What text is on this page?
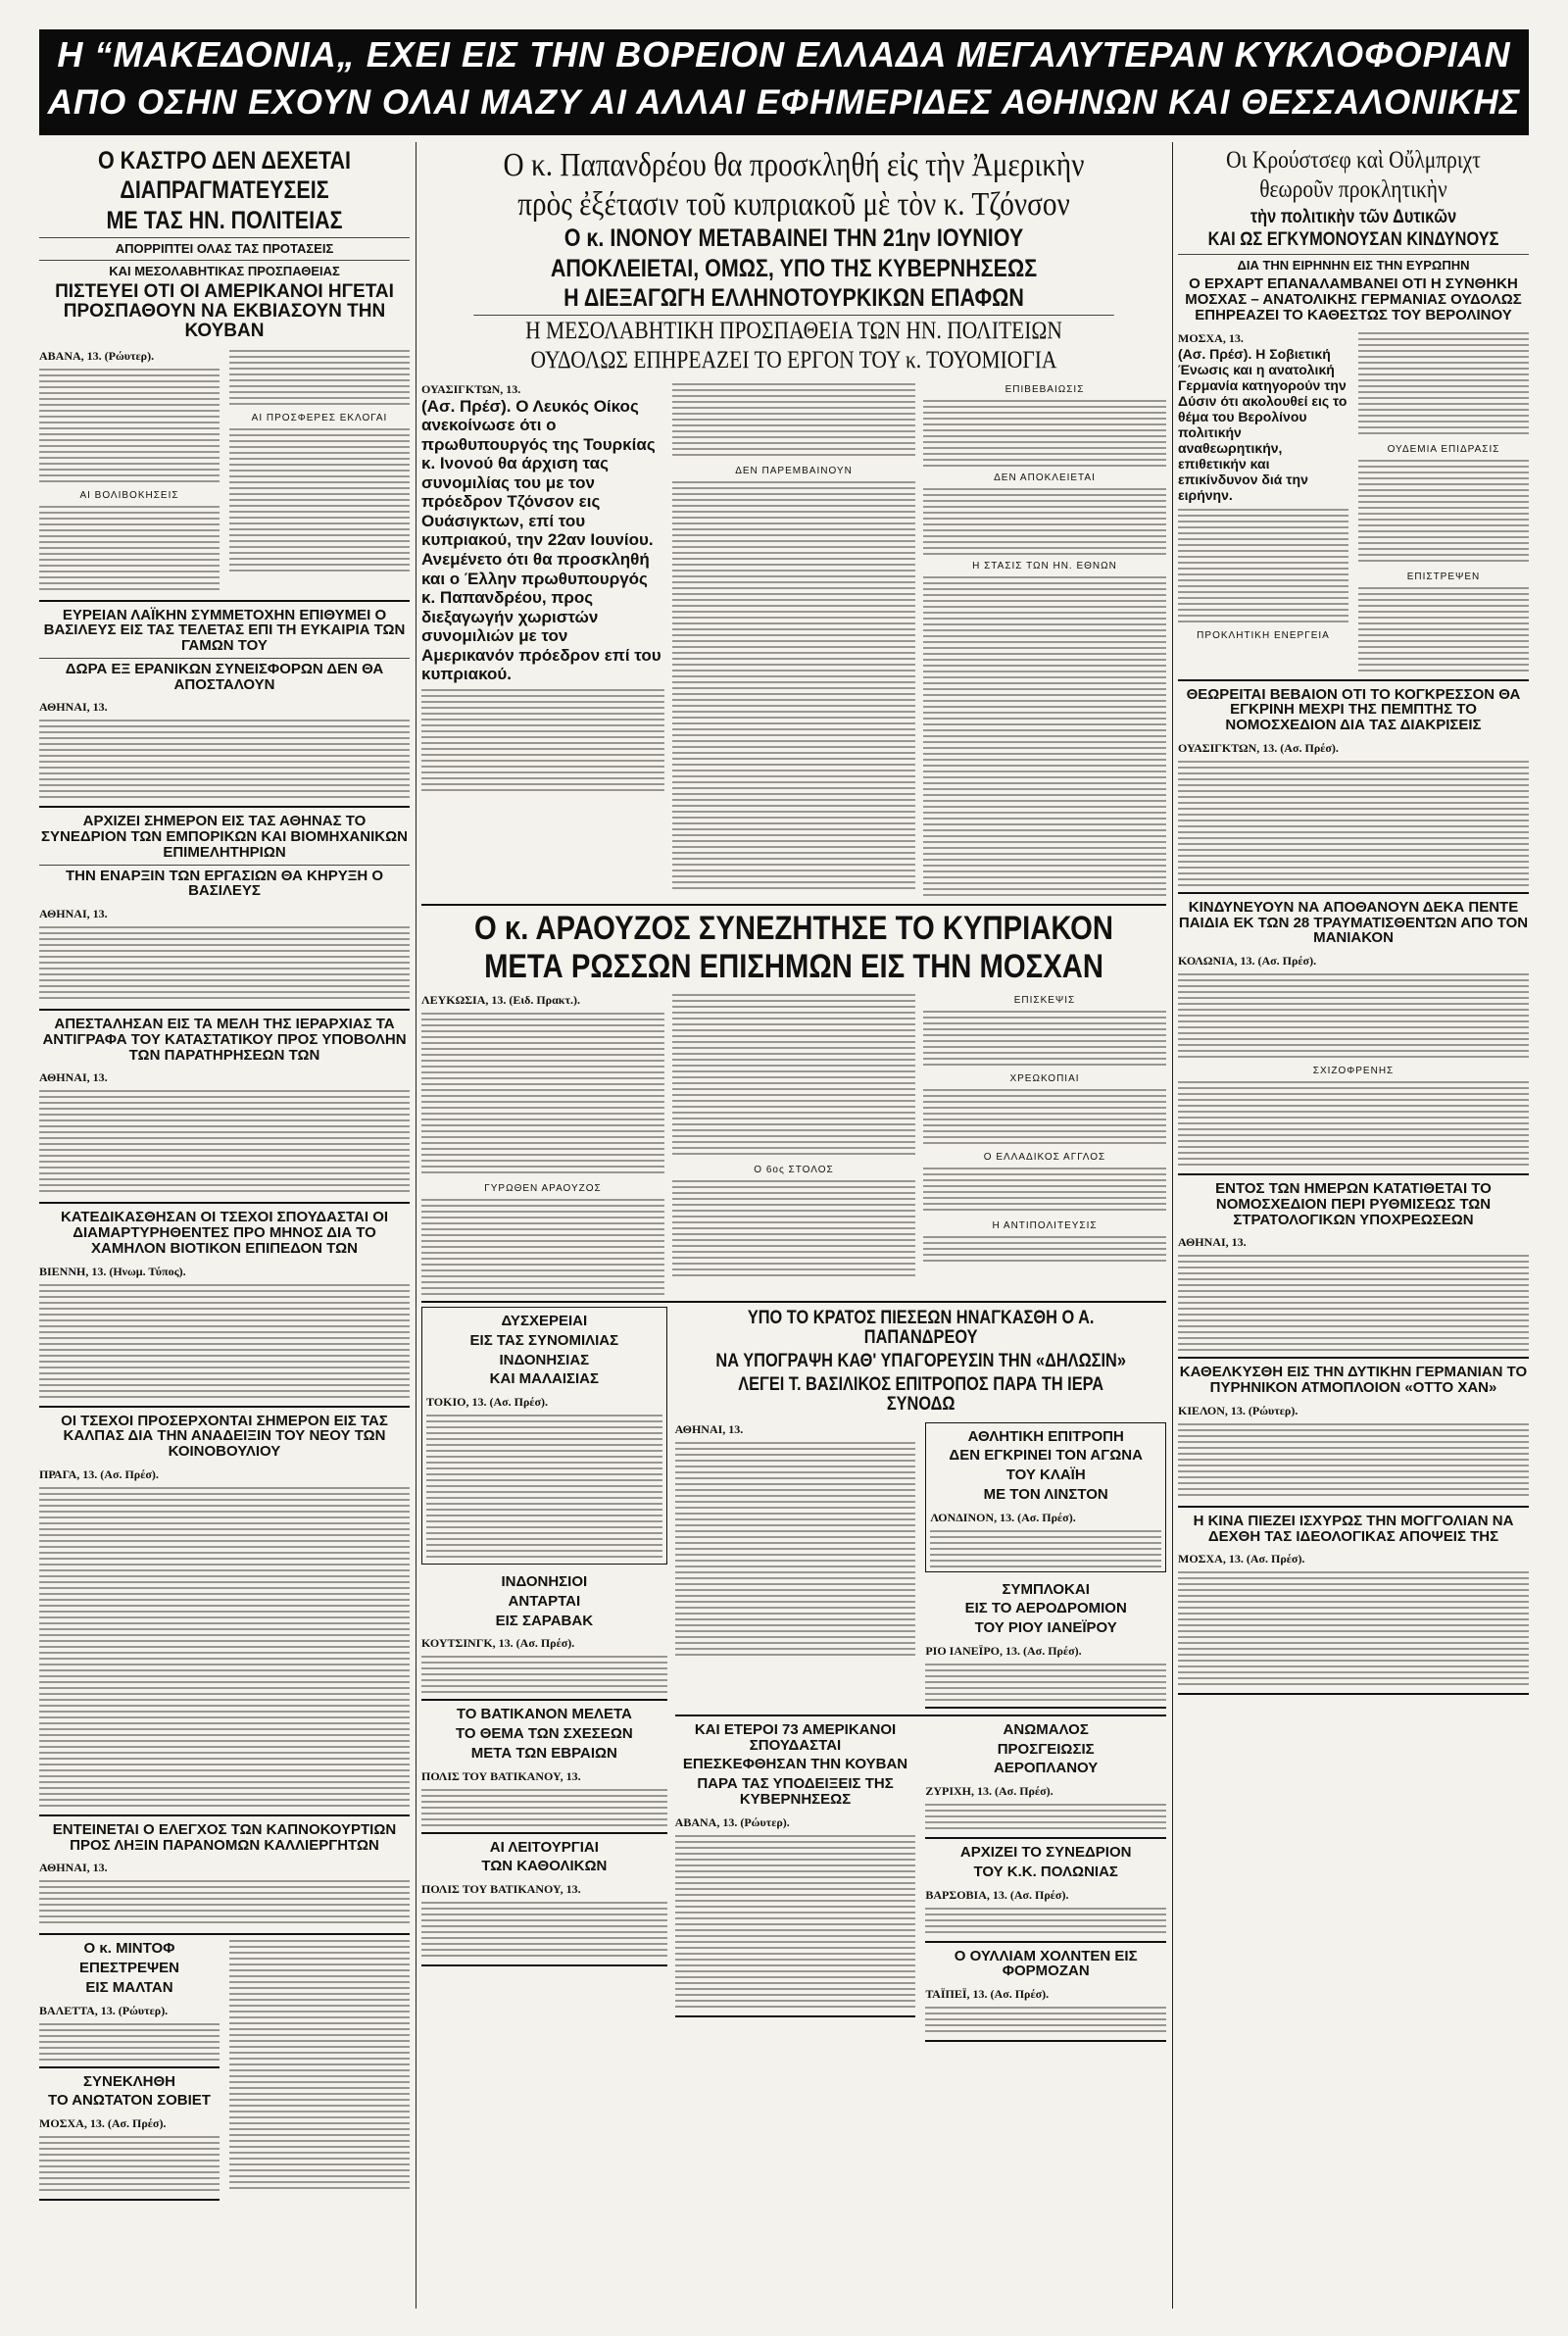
Η “ΜΑΚΕΔΟΝΙΑ„ ΕΧΕΙ ΕΙΣ ΤΗΝ ΒΟΡΕΙΟΝ ΕΛΛΑΔΑ ΜΕΓΑΛΥΤΕΡΑΝ ΚΥΚΛΟΦΟΡΙΑΝ
ΑΠΟ ΟΣΗΝ ΕΧΟΥΝ ΟΛΑΙ ΜΑΖΥ ΑΙ ΑΛΛΑΙ ΕΦΗΜΕΡΙΔΕΣ ΑΘΗΝΩΝ ΚΑΙ ΘΕΣΣΑΛΟΝΙΚΗΣ
Ο ΚΑΣΤΡΟ ΔΕΝ ΔΕΧΕΤΑΙ
ΔΙΑΠΡΑΓΜΑΤΕΥΣΕΙΣ
ΜΕ ΤΑΣ ΗΝ. ΠΟΛΙΤΕΙΑΣ
ΑΠΟΡΡΙΠΤΕΙ ΟΛΑΣ ΤΑΣ ΠΡΟΤΑΣΕΙΣ
ΚΑΙ ΜΕΣΟΛΑΒΗΤΙΚΑΣ ΠΡΟΣΠΑΘΕΙΑΣ
ΠΙΣΤΕΥΕΙ ΟΤΙ ΟΙ ΑΜΕΡΙΚΑΝΟΙ ΗΓΕΤΑΙ ΠΡΟΣΠΑΘΟΥΝ ΝΑ ΕΚΒΙΑΣΟΥΝ ΤΗΝ ΚΟΥΒΑΝ
ΑΒΑΝΑ, 13. (Ρώυτερ).
ΑΙ ΒΟΛΙΒΟΚΗΣΕΙΣ
ΑΙ ΠΡΟΣΦΕΡΕΣ ΕΚΛΟΓΑΙ
ΕΥΡΕΙΑΝ ΛΑΪΚΗΝ ΣΥΜΜΕΤΟΧΗΝ ΕΠΙΘΥΜΕΙ Ο ΒΑΣΙΛΕΥΣ ΕΙΣ ΤΑΣ ΤΕΛΕΤΑΣ ΕΠΙ ΤΗ ΕΥΚΑΙΡΙΑ ΤΩΝ ΓΑΜΩΝ ΤΟΥ
ΔΩΡΑ ΕΞ ΕΡΑΝΙΚΩΝ ΣΥΝΕΙΣΦΟΡΩΝ ΔΕΝ ΘΑ ΑΠΟΣΤΑΛΟΥΝ
ΑΘΗΝΑΙ, 13.
ΑΡΧΙΖΕΙ ΣΗΜΕΡΟΝ ΕΙΣ ΤΑΣ ΑΘΗΝΑΣ ΤΟ ΣΥΝΕΔΡΙΟΝ ΤΩΝ ΕΜΠΟΡΙΚΩΝ ΚΑΙ ΒΙΟΜΗΧΑΝΙΚΩΝ ΕΠΙΜΕΛΗΤΗΡΙΩΝ
ΤΗΝ ΕΝΑΡΞΙΝ ΤΩΝ ΕΡΓΑΣΙΩΝ ΘΑ ΚΗΡΥΞΗ Ο ΒΑΣΙΛΕΥΣ
ΑΘΗΝΑΙ, 13.
ΑΠΕΣΤΑΛΗΣΑΝ ΕΙΣ ΤΑ ΜΕΛΗ ΤΗΣ ΙΕΡΑΡΧΙΑΣ ΤΑ ΑΝΤΙΓΡΑΦΑ ΤΟΥ ΚΑΤΑΣΤΑΤΙΚΟΥ ΠΡΟΣ ΥΠΟΒΟΛΗΝ ΤΩΝ ΠΑΡΑΤΗΡΗΣΕΩΝ ΤΩΝ
ΑΘΗΝΑΙ, 13.
ΚΑΤΕΔΙΚΑΣΘΗΣΑΝ ΟΙ ΤΣΕΧΟΙ ΣΠΟΥΔΑΣΤΑΙ ΟΙ ΔΙΑΜΑΡΤΥΡΗΘΕΝΤΕΣ ΠΡΟ ΜΗΝΟΣ ΔΙΑ ΤΟ ΧΑΜΗΛΟΝ ΒΙΟΤΙΚΟΝ ΕΠΙΠΕΔΟΝ ΤΩΝ
ΒΙΕΝΝΗ, 13. (Ηνωμ. Τύπος).
ΟΙ ΤΣΕΧΟΙ ΠΡΟΣΕΡΧΟΝΤΑΙ ΣΗΜΕΡΟΝ ΕΙΣ ΤΑΣ ΚΑΛΠΑΣ ΔΙΑ ΤΗΝ ΑΝΑΔΕΙΞΙΝ ΤΟΥ ΝΕΟΥ ΤΩΝ ΚΟΙΝΟΒΟΥΛΙΟΥ
ΠΡΑΓΑ, 13. (Ασ. Πρέσ).
ΕΝΤΕΙΝΕΤΑΙ Ο ΕΛΕΓΧΟΣ ΤΩΝ ΚΑΠΝΟΚΟΥΡΤΙΩΝ ΠΡΟΣ ΛΗΞΙΝ ΠΑΡΑΝΟΜΩΝ ΚΑΛΛΙΕΡΓΗΤΩΝ
ΑΘΗΝΑΙ, 13.
Ο κ. ΜΙΝΤΟΦ
ΕΠΕΣΤΡΕΨΕΝ
ΕΙΣ ΜΑΛΤΑΝ
ΒΑΛΕΤΤΑ, 13. (Ρώυτερ).
ΣΥΝΕΚΛΗΘΗ
ΤΟ ΑΝΩΤΑΤΟΝ ΣΟΒΙΕΤ
ΜΟΣΧΑ, 13. (Ασ. Πρέσ).
Ο κ. Παπανδρέου θα προσκληθή εἰς τὴν Ἀμερικὴν
πρὸς ἐξέτασιν τοῦ κυπριακοῦ μὲ τὸν κ. Τζόνσον
Ο κ. ΙΝΟΝΟΥ ΜΕΤΑΒΑΙΝΕΙ ΤΗΝ 21ην ΙΟΥΝΙΟΥ
ΑΠΟΚΛΕΙΕΤΑΙ, ΟΜΩΣ, ΥΠΟ ΤΗΣ ΚΥΒΕΡΝΗΣΕΩΣ
Η ΔΙΕΞΑΓΩΓΗ ΕΛΛΗΝΟΤΟΥΡΚΙΚΩΝ ΕΠΑΦΩΝ
Η ΜΕΣΟΛΑΒΗΤΙΚΗ ΠΡΟΣΠΑΘΕΙΑ ΤΩΝ ΗΝ. ΠΟΛΙΤΕΙΩΝ
ΟΥΔΟΛΩΣ ΕΠΗΡΕΑΖΕΙ ΤΟ ΕΡΓΟΝ ΤΟΥ κ. ΤΟΥΟΜΙΟΓΙΑ
ΟΥΑΣΙΓΚΤΩΝ, 13.
(Ασ. Πρέσ). Ο Λευκός Οίκος ανεκοίνωσε ότι ο πρωθυπουργός της Τουρκίας κ. Ινονού θα άρχιση τας συνομιλίας του με τον πρόεδρον Τζόνσον εις Ουάσιγκτων, επί του κυπριακού, την 22αν Ιουνίου. Ανεμένετο ότι θα προσκληθή και ο Έλλην πρωθυπουργός κ. Παπανδρέου, προς διεξαγωγήν χωριστών συνομιλιών με τον Αμερικανόν πρόεδρον επί του κυπριακού.
ΔΕΝ ΠΑΡΕΜΒΑΙΝΟΥΝ
ΕΠΙΒΕΒΑΙΩΣΙΣ
ΔΕΝ ΑΠΟΚΛΕΙΕΤΑΙ
Η ΣΤΑΣΙΣ ΤΩΝ ΗΝ. ΕΘΝΩΝ
Ο κ. ΑΡΑΟΥΖΟΣ ΣΥΝΕΖΗΤΗΣΕ ΤΟ ΚΥΠΡΙΑΚΟΝ
ΜΕΤΑ ΡΩΣΣΩΝ ΕΠΙΣΗΜΩΝ ΕΙΣ ΤΗΝ ΜΟΣΧΑΝ
ΛΕΥΚΩΣΙΑ, 13. (Ειδ. Πρακτ.).
ΓΥΡΩΘΕΝ ΑΡΑΟΥΖΟΣ
Ο 6ος ΣΤΟΛΟΣ
ΕΠΙΣΚΕΨΙΣ
ΧΡΕΩΚΟΠΙΑΙ
Ο ΕΛΛΑΔΙΚΟΣ ΑΓΓΛΟΣ
Η ΑΝΤΙΠΟΛΙΤΕΥΣΙΣ
ΔΥΣΧΕΡΕΙΑΙ
ΕΙΣ ΤΑΣ ΣΥΝΟΜΙΛΙΑΣ
ΙΝΔΟΝΗΣΙΑΣ
ΚΑΙ ΜΑΛΑΙΣΙΑΣ
ΤΟΚΙΟ, 13. (Ασ. Πρέσ).
ΙΝΔΟΝΗΣΙΟΙ
ΑΝΤΑΡΤΑΙ
ΕΙΣ ΣΑΡΑΒΑΚ
ΚΟΥΤΣΙΝΓΚ, 13. (Ασ. Πρέσ).
ΤΟ ΒΑΤΙΚΑΝΟΝ ΜΕΛΕΤΑ
ΤΟ ΘΕΜΑ ΤΩΝ ΣΧΕΣΕΩΝ
ΜΕΤΑ ΤΩΝ ΕΒΡΑΙΩΝ
ΠΟΛΙΣ ΤΟΥ ΒΑΤΙΚΑΝΟΥ, 13.
ΑΙ ΛΕΙΤΟΥΡΓΙΑΙ
ΤΩΝ ΚΑΘΟΛΙΚΩΝ
ΠΟΛΙΣ ΤΟΥ ΒΑΤΙΚΑΝΟΥ, 13.
ΥΠΟ ΤΟ ΚΡΑΤΟΣ ΠΙΕΣΕΩΝ ΗΝΑΓΚΑΣΘΗ Ο Α. ΠΑΠΑΝΔΡΕΟΥ
ΝΑ ΥΠΟΓΡΑΨΗ ΚΑΘ' ΥΠΑΓΟΡΕΥΣΙΝ ΤΗΝ «ΔΗΛΩΣΙΝ»
ΛΕΓΕΙ Τ. ΒΑΣΙΛΙΚΟΣ ΕΠΙΤΡΟΠΟΣ ΠΑΡΑ ΤΗ ΙΕΡΑ ΣΥΝΟΔΩ
ΑΘΗΝΑΙ, 13.	ΑΘΛΗΤΙΚΗ ΕΠΙΤΡΟΠΗ
ΔΕΝ ΕΓΚΡΙΝΕΙ ΤΟΝ ΑΓΩΝΑ
ΤΟΥ ΚΛΑΪΗ
ΜΕ ΤΟΝ ΛΙΝΣΤΟΝ
ΛΟΝΔΙΝΟΝ, 13. (Ασ. Πρέσ).
ΣΥΜΠΛΟΚΑΙ
ΕΙΣ ΤΟ ΑΕΡΟΔΡΟΜΙΟΝ
ΤΟΥ ΡΙΟΥ ΙΑΝΕΪΡΟΥ
ΡΙΟ ΙΑΝΕΪΡΟ, 13. (Ασ. Πρέσ).
ΚΑΙ ΕΤΕΡΟΙ 73 ΑΜΕΡΙΚΑΝΟΙ ΣΠΟΥΔΑΣΤΑΙ
ΕΠΕΣΚΕΦΘΗΣΑΝ ΤΗΝ ΚΟΥΒΑΝ
ΠΑΡΑ ΤΑΣ ΥΠΟΔΕΙΞΕΙΣ ΤΗΣ ΚΥΒΕΡΝΗΣΕΩΣ
ΑΒΑΝΑ, 13. (Ρώυτερ).
ΑΝΩΜΑΛΟΣ
ΠΡΟΣΓΕΙΩΣΙΣ
ΑΕΡΟΠΛΑΝΟΥ
ΖΥΡΙΧΗ, 13. (Ασ. Πρέσ).
ΑΡΧΙΖΕΙ ΤΟ ΣΥΝΕΔΡΙΟΝ
ΤΟΥ Κ.Κ. ΠΟΛΩΝΙΑΣ
ΒΑΡΣΟΒΙΑ, 13. (Ασ. Πρέσ).
Ο ΟΥΛΛΙΑΜ ΧΟΛΝΤΕΝ ΕΙΣ ΦΟΡΜΟΖΑΝ
ΤΑΪΠΕΪ, 13. (Ασ. Πρέσ).
Οι Κρούστσεφ καὶ Οὔλμπριχτ
θεωροῦν προκλητικὴν
τὴν πολιτικὴν τῶν Δυτικῶν
ΚΑΙ ΩΣ ΕΓΚΥΜΟΝΟΥΣΑΝ ΚΙΝΔΥΝΟΥΣ
ΔΙΑ ΤΗΝ ΕΙΡΗΝΗΝ ΕΙΣ ΤΗΝ ΕΥΡΩΠΗΝ
Ο ΕΡΧΑΡΤ ΕΠΑΝΑΛΑΜΒΑΝΕΙ ΟΤΙ Η ΣΥΝΘΗΚΗ ΜΟΣΧΑΣ – ΑΝΑΤΟΛΙΚΗΣ ΓΕΡΜΑΝΙΑΣ ΟΥΔΟΛΩΣ ΕΠΗΡΕΑΖΕΙ ΤΟ ΚΑΘΕΣΤΩΣ ΤΟΥ ΒΕΡΟΛΙΝΟΥ
ΜΟΣΧΑ, 13.
(Ασ. Πρέσ). Η Σοβιετική Ένωσις και η ανατολική Γερμανία κατηγορούν την Δύσιν ότι ακολουθεί εις το θέμα του Βερολίνου πολιτικήν αναθεωρητικήν, επιθετικήν και επικίνδυνον διά την ειρήνην.
ΠΡΟΚΛΗΤΙΚΗ ΕΝΕΡΓΕΙΑ
ΟΥΔΕΜΙΑ ΕΠΙΔΡΑΣΙΣ
ΕΠΙΣΤΡΕΨΕΝ
ΘΕΩΡΕΙΤΑΙ ΒΕΒΑΙΟΝ ΟΤΙ ΤΟ ΚΟΓΚΡΕΣΣΟΝ ΘΑ ΕΓΚΡΙΝΗ ΜΕΧΡΙ ΤΗΣ ΠΕΜΠΤΗΣ ΤΟ ΝΟΜΟΣΧΕΔΙΟΝ ΔΙΑ ΤΑΣ ΔΙΑΚΡΙΣΕΙΣ
ΟΥΑΣΙΓΚΤΩΝ, 13. (Ασ. Πρέσ).
ΚΙΝΔΥΝΕΥΟΥΝ ΝΑ ΑΠΟΘΑΝΟΥΝ ΔΕΚΑ ΠΕΝΤΕ ΠΑΙΔΙΑ ΕΚ ΤΩΝ 28 ΤΡΑΥΜΑΤΙΣΘΕΝΤΩΝ ΑΠΟ ΤΟΝ ΜΑΝΙΑΚΟΝ
ΚΟΛΩΝΙΑ, 13. (Ασ. Πρέσ).
ΣΧΙΖΟΦΡΕΝΗΣ
ΕΝΤΟΣ ΤΩΝ ΗΜΕΡΩΝ ΚΑΤΑΤΙΘΕΤΑΙ ΤΟ ΝΟΜΟΣΧΕΔΙΟΝ ΠΕΡΙ ΡΥΘΜΙΣΕΩΣ ΤΩΝ ΣΤΡΑΤΟΛΟΓΙΚΩΝ ΥΠΟΧΡΕΩΣΕΩΝ
ΑΘΗΝΑΙ, 13.
ΚΑΘΕΛΚΥΣΘΗ ΕΙΣ ΤΗΝ ΔΥΤΙΚΗΝ ΓΕΡΜΑΝΙΑΝ ΤΟ ΠΥΡΗΝΙΚΟΝ ΑΤΜΟΠΛΟΙΟΝ «ΟΤΤΟ ΧΑΝ»
ΚΙΕΛΟΝ, 13. (Ρώυτερ).
Η ΚΙΝΑ ΠΙΕΖΕΙ ΙΣΧΥΡΩΣ ΤΗΝ ΜΟΓΓΟΛΙΑΝ ΝΑ ΔΕΧΘΗ ΤΑΣ ΙΔΕΟΛΟΓΙΚΑΣ ΑΠΟΨΕΙΣ ΤΗΣ
ΜΟΣΧΑ, 13. (Ασ. Πρέσ).
